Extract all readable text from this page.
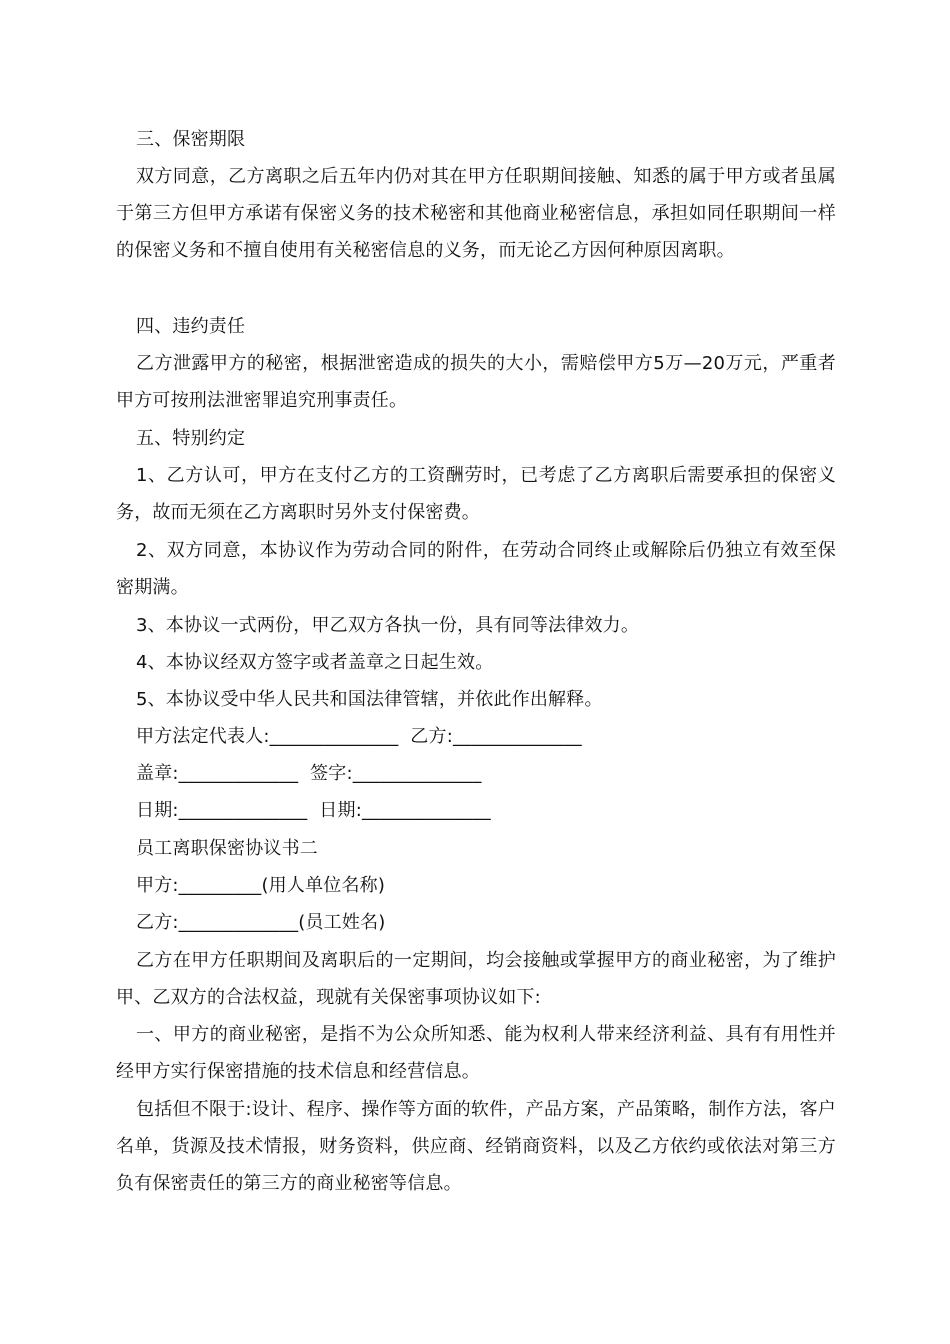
三、保密期限
双方同意，乙方离职之后五年内仍对其在甲方任职期间接触、知悉的属于甲方或者虽属于第三方但甲方承诺有保密义务的技术秘密和其他商业秘密信息，承担如同任职期间一样的保密义务和不擅自使用有关秘密信息的义务，而无论乙方因何种原因离职。
四、违约责任
乙方泄露甲方的秘密，根据泄密造成的损失的大小，需赔偿甲方5万—20万元，严重者甲方可按刑法泄密罪追究刑事责任。
五、特别约定
1、乙方认可，甲方在支付乙方的工资酬劳时，已考虑了乙方离职后需要承担的保密义务，故而无须在乙方离职时另外支付保密费。
2、双方同意，本协议作为劳动合同的附件，在劳动合同终止或解除后仍独立有效至保密期满。
3、本协议一式两份，甲乙双方各执一份，具有同等法律效力。
4、本协议经双方签字或者盖章之日起生效。
5、本协议受中华人民共和国法律管辖，并依此作出解释。
甲方法定代表人:______________  乙方:______________
盖章:_____________  签字:______________
日期:______________  日期:______________
员工离职保密协议书二
甲方:_________(用人单位名称)
乙方:_____________(员工姓名)
乙方在甲方任职期间及离职后的一定期间，均会接触或掌握甲方的商业秘密，为了维护甲、乙双方的合法权益，现就有关保密事项协议如下:
一、甲方的商业秘密，是指不为公众所知悉、能为权利人带来经济利益、具有有用性并经甲方实行保密措施的技术信息和经营信息。
包括但不限于:设计、程序、操作等方面的软件，产品方案，产品策略，制作方法，客户名单，货源及技术情报，财务资料，供应商、经销商资料，以及乙方依约或依法对第三方负有保密责任的第三方的商业秘密等信息。
